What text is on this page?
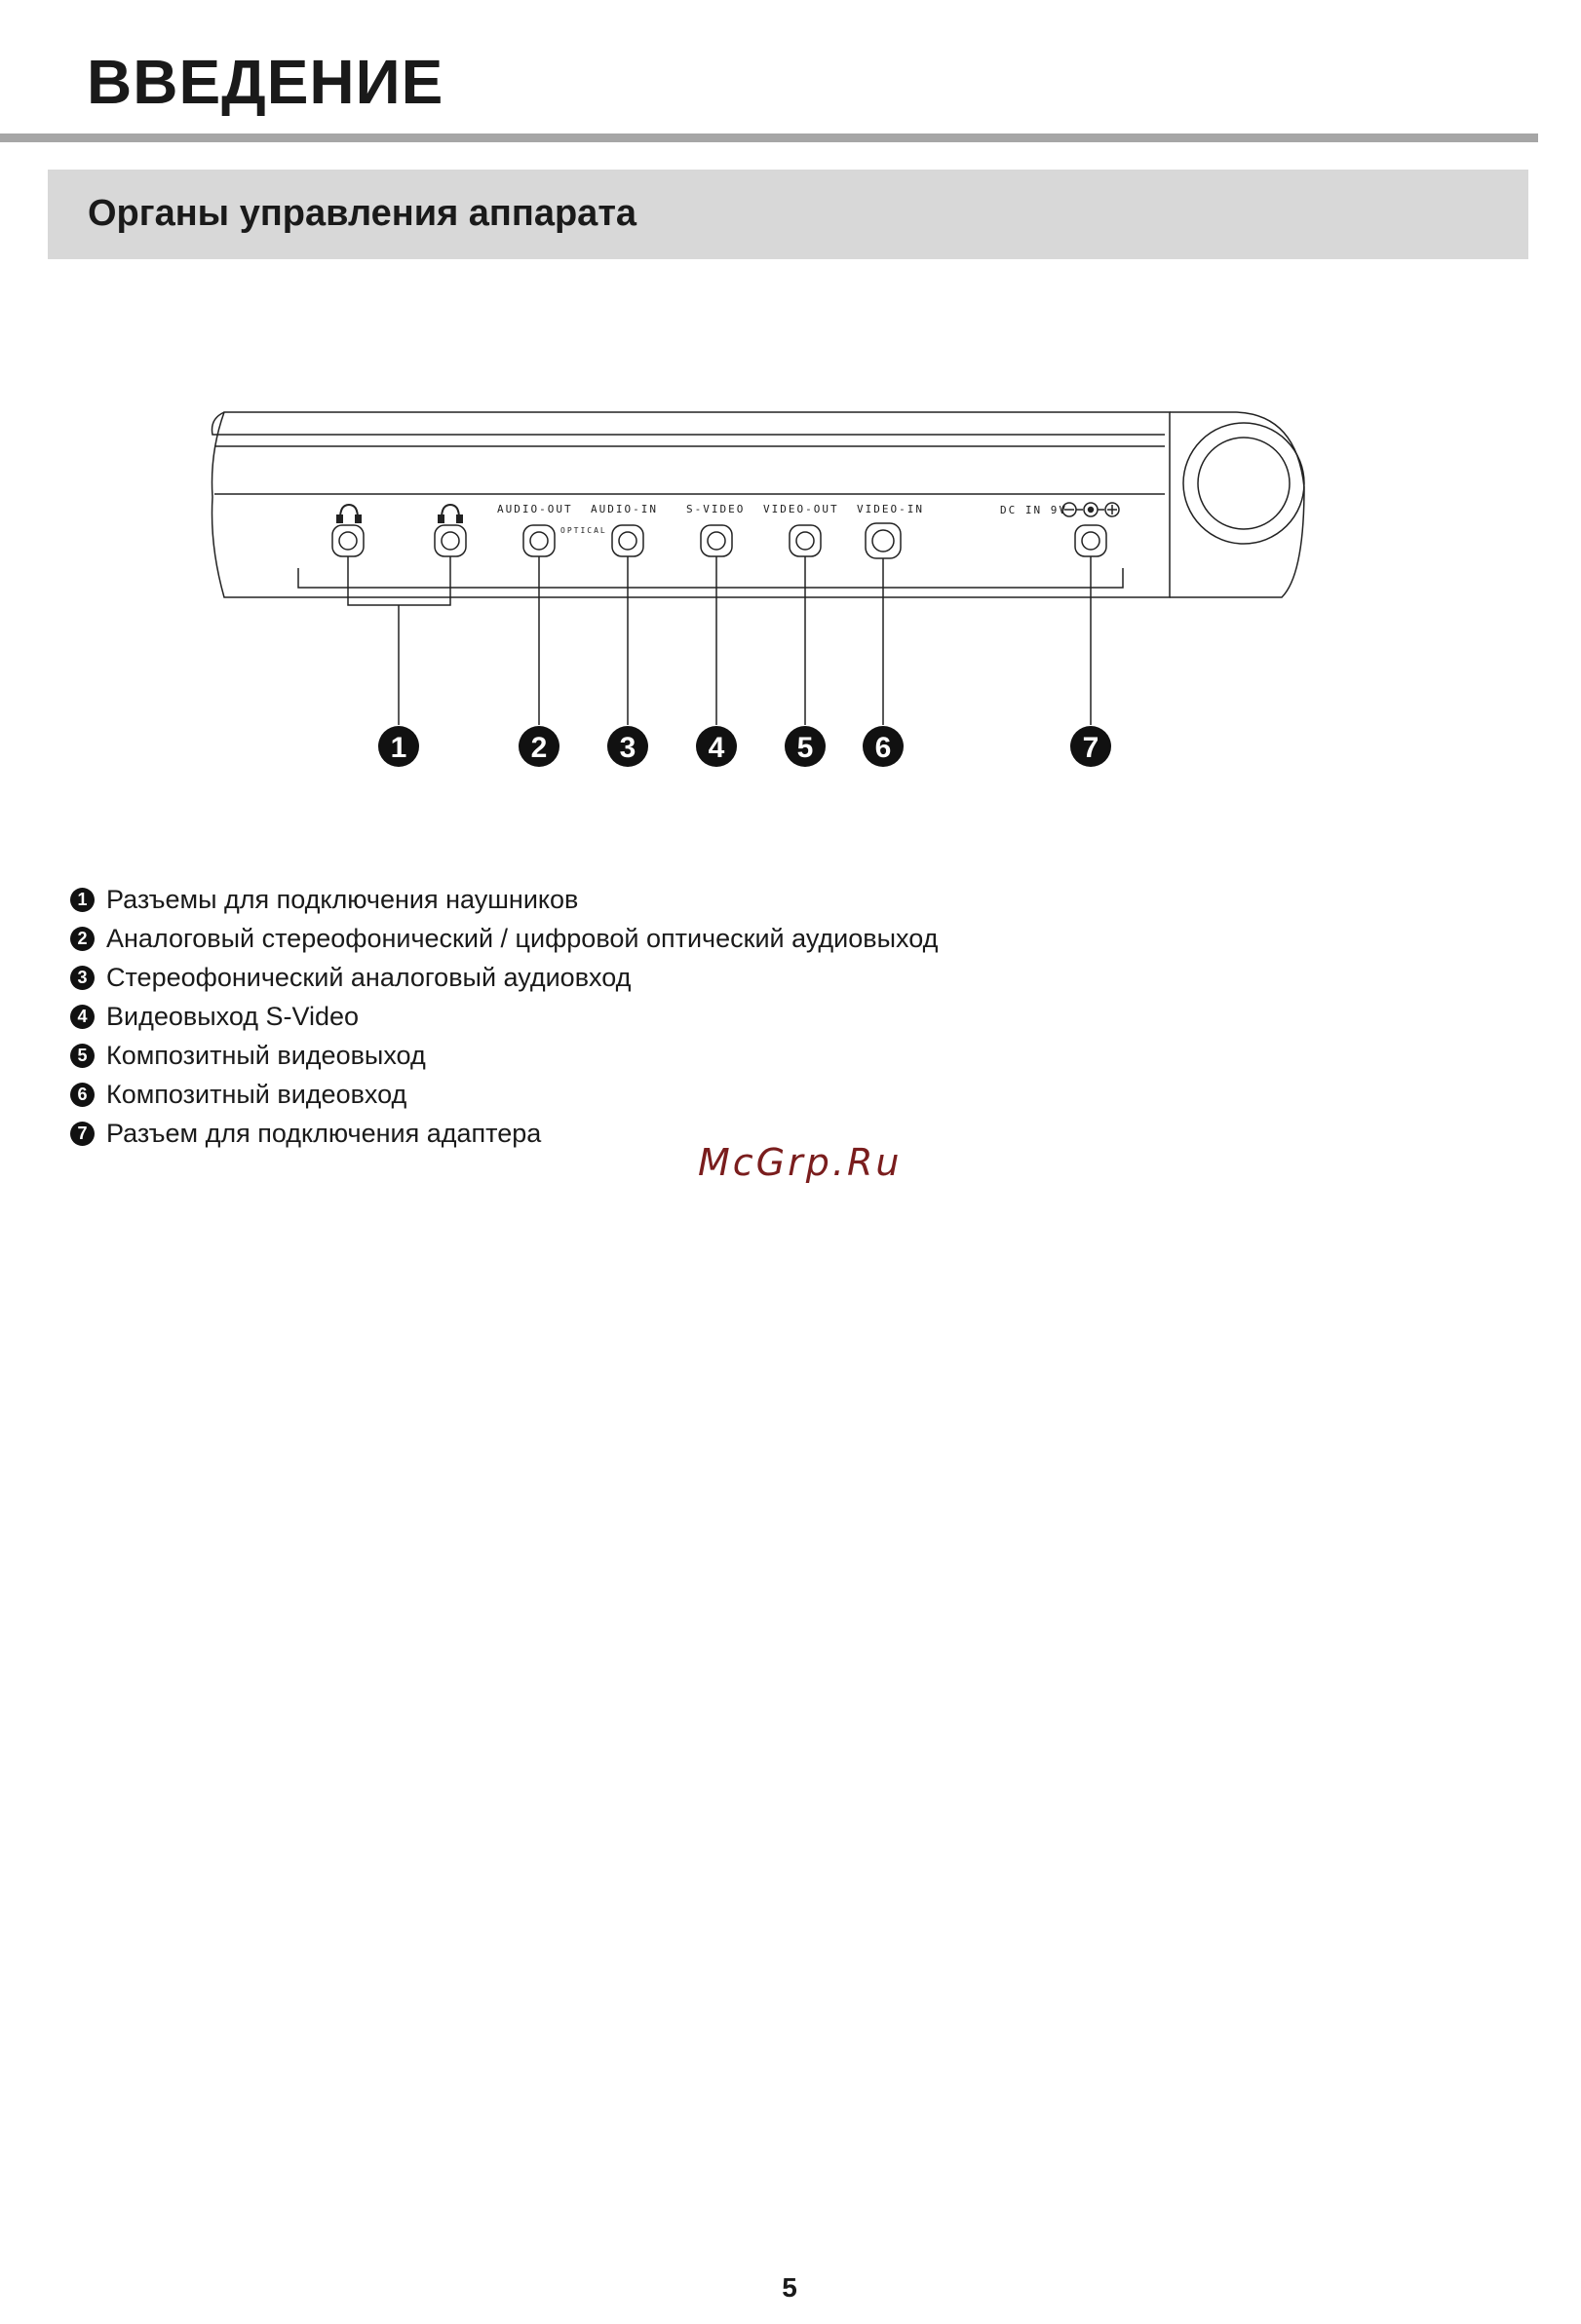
ВВЕДЕНИЕ
Органы управления аппарата
AUDIO-OUT
OPTICAL
AUDIO-IN	S-VIDEO VIDEO-OUT VIDEO-IN	DC IN 9V
1	2 3 4 5 6	7
1 Разъемы для подключения наушников
2 Аналоговый стереофонический / цифровой оптический аудиовыход
3 Стереофонический аналоговый аудиовход
4 Видеовыход S-Video
5 Композитный видеовыход
6 Композитный видеовход
7 Разъем для подключения адаптера
McGrp.Ru
5
